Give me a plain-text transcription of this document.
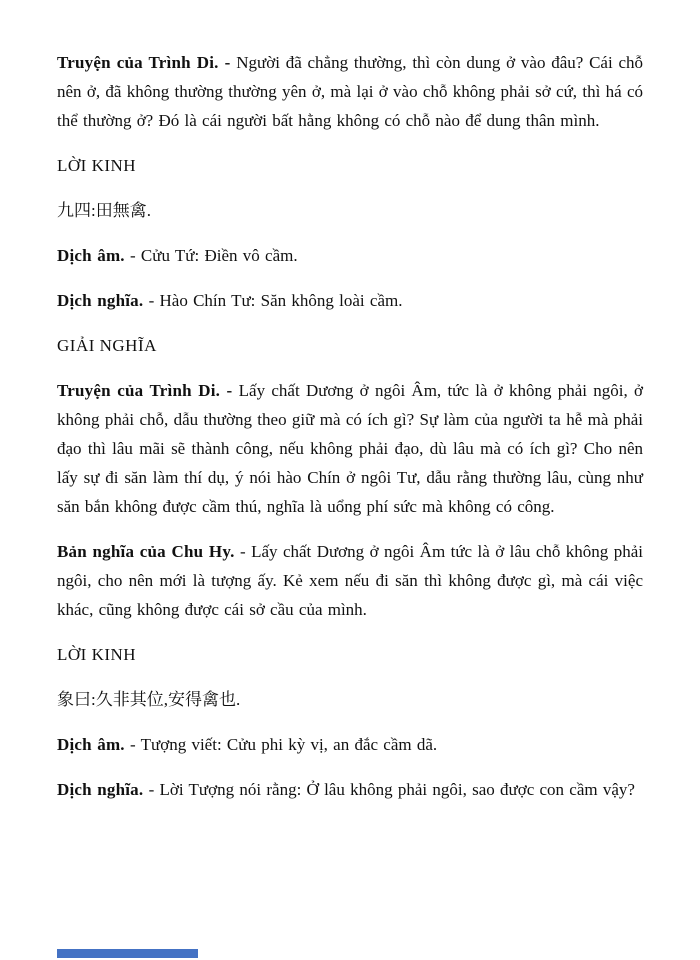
Truyện của Trình Di. - Người đã chẳng thường, thì còn dung ở vào đâu? Cái chỗ nên ở, đã không thường thường yên ở, mà lại ở vào chỗ không phải sở cứ, thì há có thể thường ở? Đó là cái người bất hằng không có chỗ nào để dung thân mình.

LỜI KINH

九四:田無禽.

Dịch âm. - Cửu Tứ: Điền vô cầm.

Dịch nghĩa. - Hào Chín Tư: Săn không loài cầm.

GIẢI NGHĨA

Truyện của Trình Di. - Lấy chất Dương ở ngôi Âm, tức là ở không phải ngôi, ở không phải chỗ, dẫu thường theo giữ mà có ích gì? Sự làm của người ta hễ mà phải đạo thì lâu mãi sẽ thành công, nếu không phải đạo, dù lâu mà có ích gì? Cho nên lấy sự đi săn làm thí dụ, ý nói hào Chín ở ngôi Tư, dẫu rằng thường lâu, cùng như săn bắn không được cầm thú, nghĩa là uổng phí sức mà không có công.

Bản nghĩa của Chu Hy. - Lấy chất Dương ở ngôi Âm tức là ở lâu chỗ không phải ngôi, cho nên mới là tượng ấy. Kẻ xem nếu đi săn thì không được gì, mà cái việc khác, cũng không được cái sở cầu của mình.

LỜI KINH

象曰:久非其位,安得禽也.

Dịch âm. - Tượng viết: Cửu phi kỳ vị, an đắc cầm dã.

Dịch nghĩa. - Lời Tượng nói rằng: Ở lâu không phải ngôi, sao được con cầm vậy?
